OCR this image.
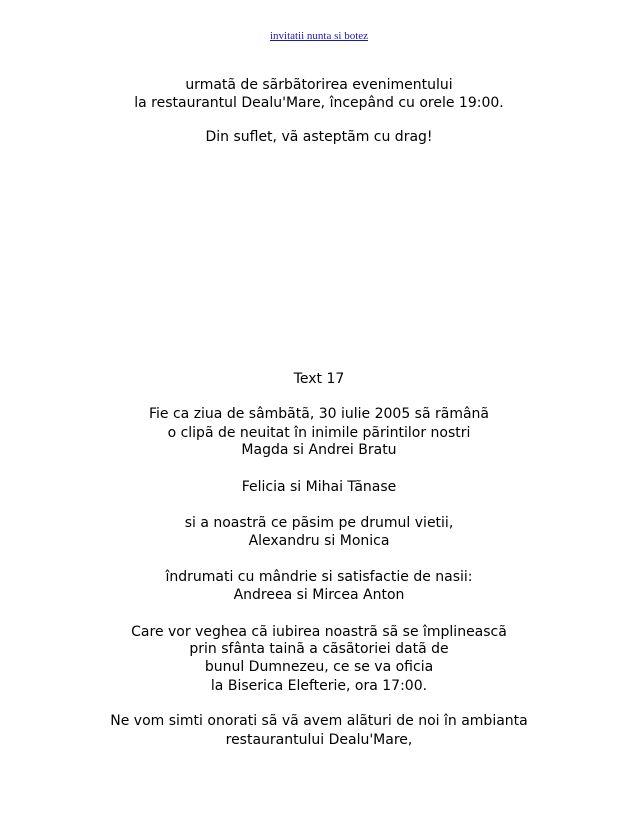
invitatii nunta si botez
urmatã de sãrbãtorirea evenimentului
la restaurantul Dealu'Mare, începând cu orele 19:00.
Din suflet, vã asteptãm cu drag!
Text 17
Fie ca ziua de sâmbãtã, 30 iulie 2005 sã rãmânã
o clipã de neuitat în inimile pãrintilor nostri
Magda si Andrei Bratu
Felicia si Mihai Tãnase
si a noastrã ce pãsim pe drumul vietii,
Alexandru si Monica
îndrumati cu mândrie si satisfactie de nasii:
Andreea si Mircea Anton
Care vor veghea cã iubirea noastrã sã se împlineascã
prin sfânta tainã a cãsãtoriei datã de
bunul Dumnezeu, ce se va oficia
la Biserica Elefterie, ora 17:00.
Ne vom simti onorati sã vã avem alãturi de noi în ambianta
restaurantului Dealu'Mare,
